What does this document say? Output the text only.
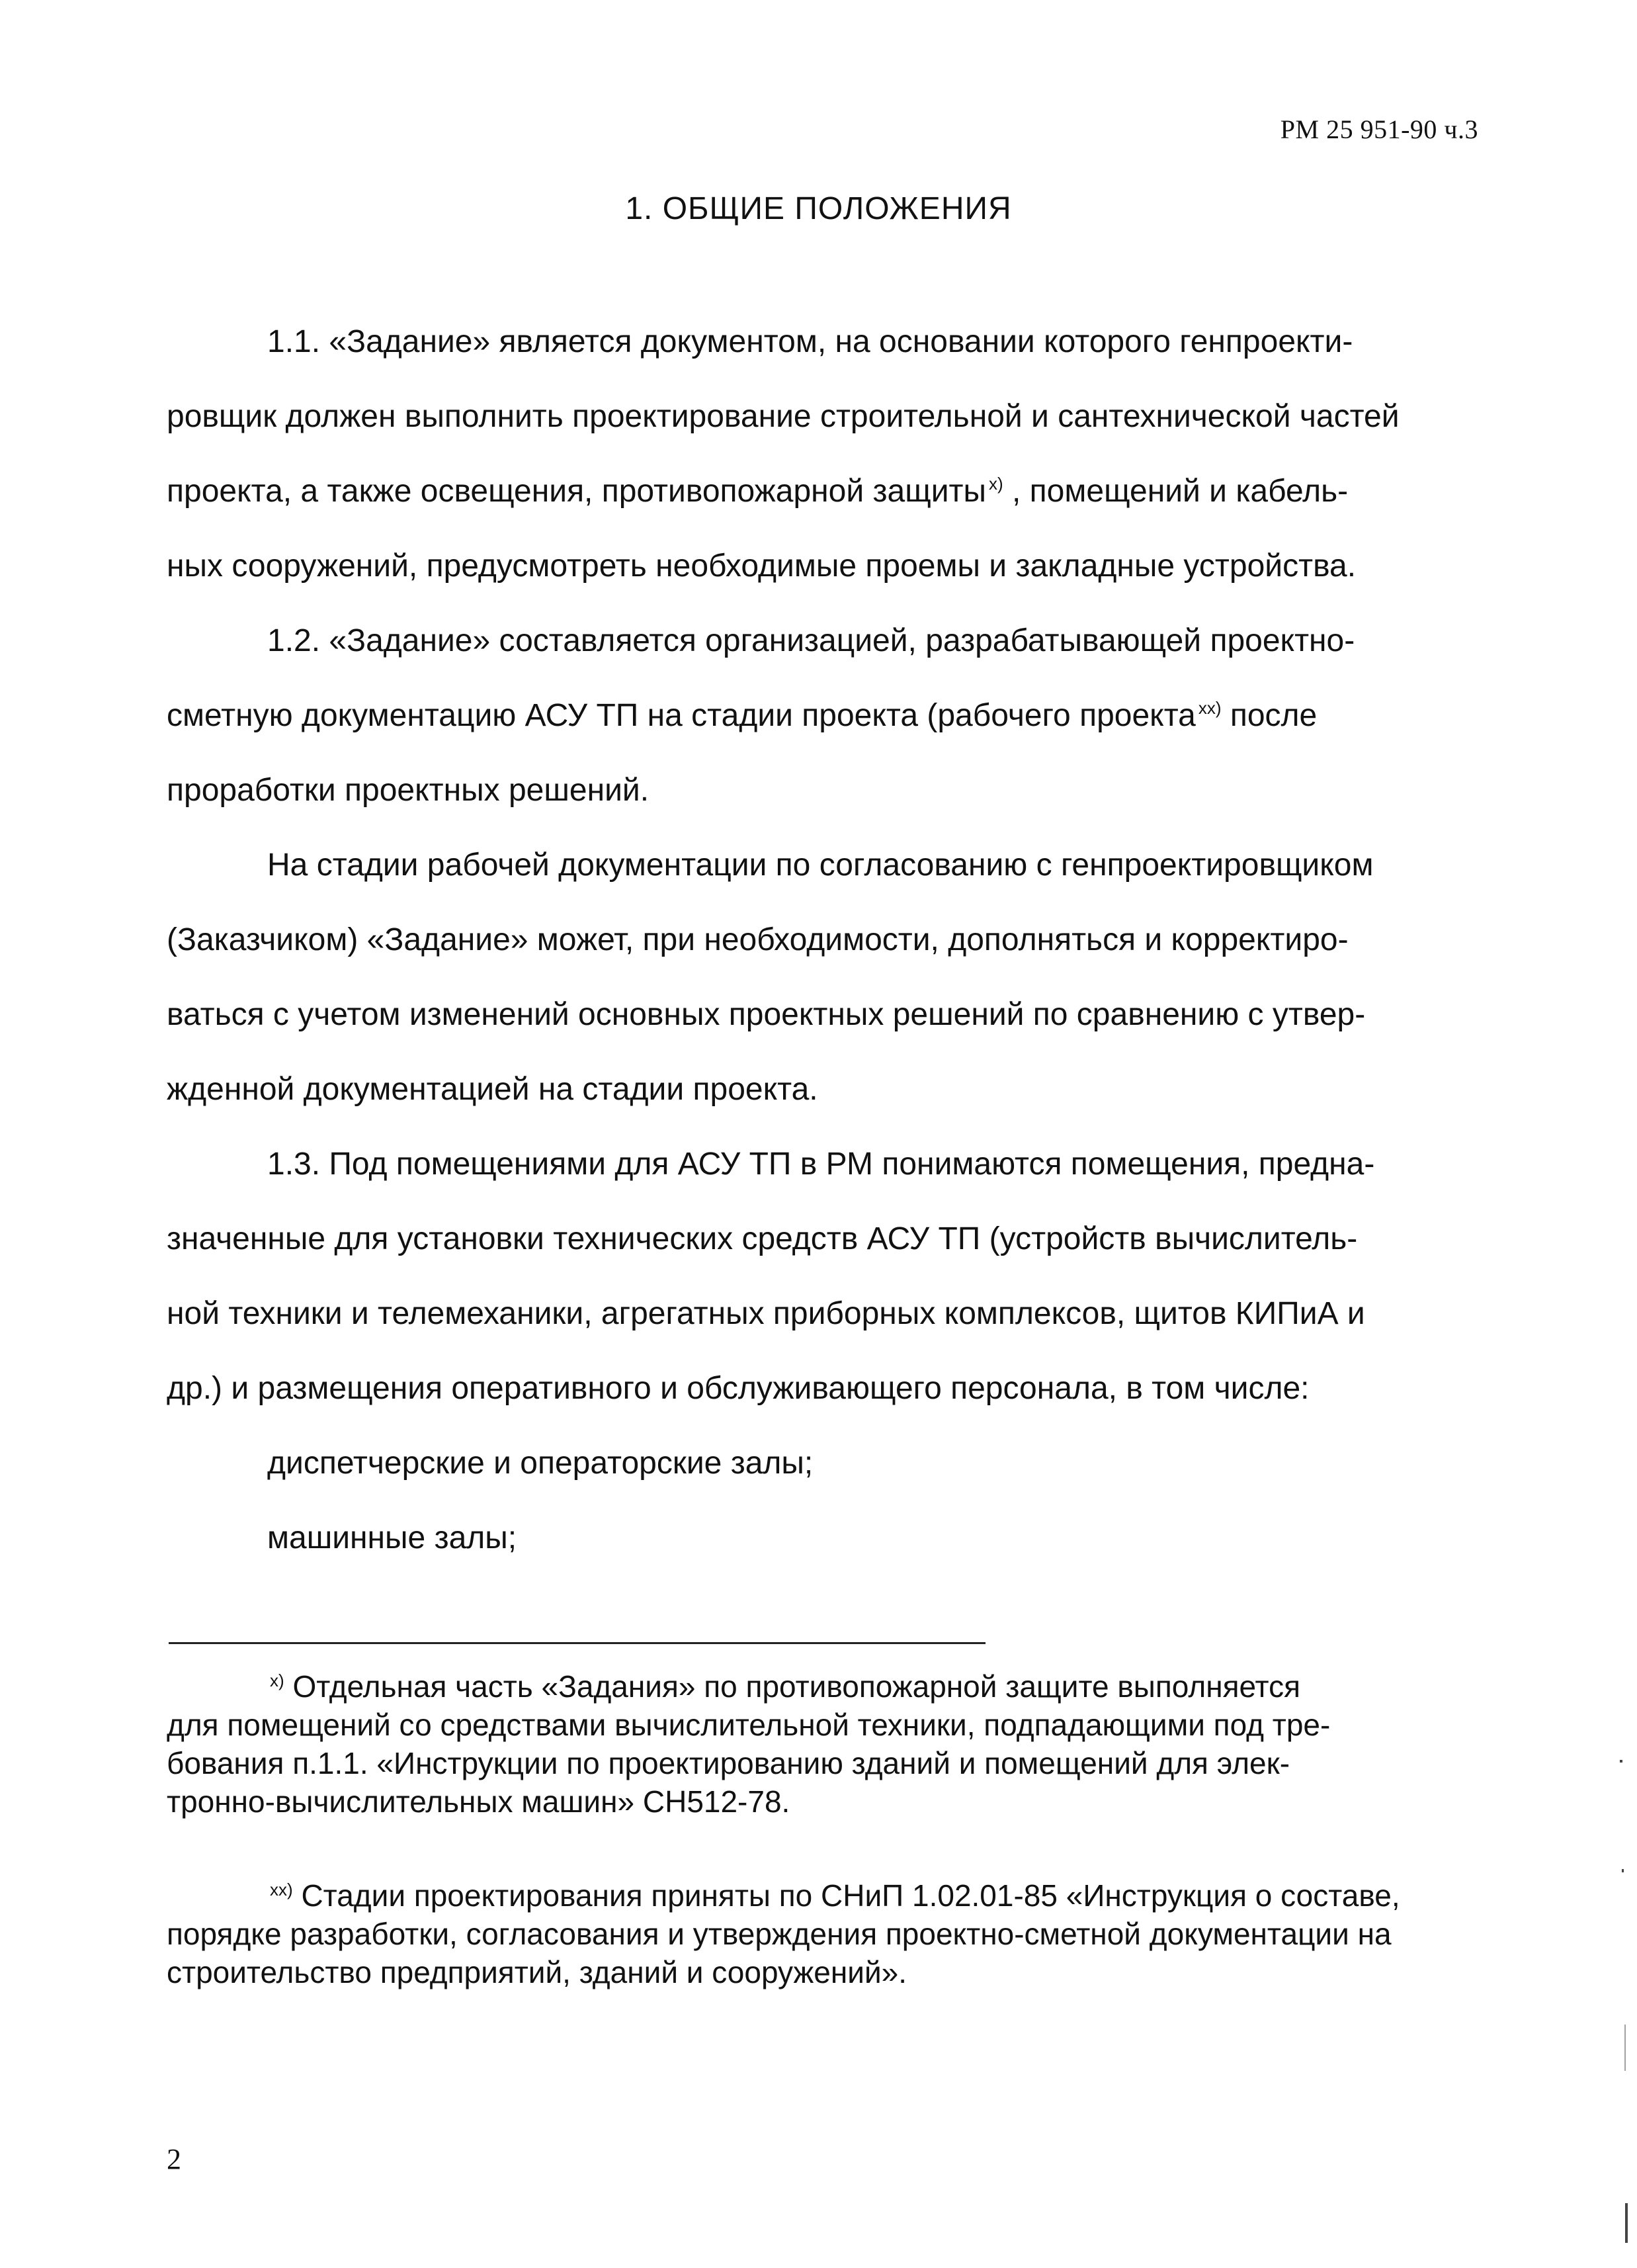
РМ 25 951-90 ч.3
1. ОБЩИЕ ПОЛОЖЕНИЯ

1.1. «Задание» является документом, на основании которого генпроекти-
ровщик должен выполнить проектирование строительной и сантехнической частей
проекта, а также освещения, противопожарной защиты $^{х)}$ , помещений и кабель-
ных сооружений, предусмотреть необходимые проемы и закладные устройства.

1.2. «Задание» составляется организацией, разрабатывающей проектно-
сметную документацию АСУ ТП на стадии проекта (рабочего проекта $^{хх)}$ после
проработки проектных решений.

На стадии рабочей документации по согласованию с генпроектировщиком
(Заказчиком) «Задание» может, при необходимости, дополняться и корректиро-
ваться с учетом изменений основных проектных решений по сравнению с утвер-
жденной документацией на стадии проекта.

1.3. Под помещениями для АСУ ТП в РМ понимаются помещения, предна-
значенные для установки технических средств АСУ ТП (устройств вычислитель-
ной техники и телемеханики, агрегатных приборных комплексов, щитов КИПиА и
др.) и размещения оперативного и обслуживающего персонала, в том числе:

диспетчерские и операторские залы;
машинные залы;
$^{х)}$ Отдельная часть «Задания» по противопожарной защите выполняется
для помещений со средствами вычислительной техники, подпадающими под тре-
бования п.1.1. «Инструкции по проектированию зданий и помещений для элек-
тронно-вычислительных машин» СН512-78.
$^{хх)}$ Стадии проектирования приняты по СНиП 1.02.01-85 «Инструкция о составе,
порядке разработки, согласования и утверждения проектно-сметной документации на
строительство предприятий, зданий и сооружений».
2
